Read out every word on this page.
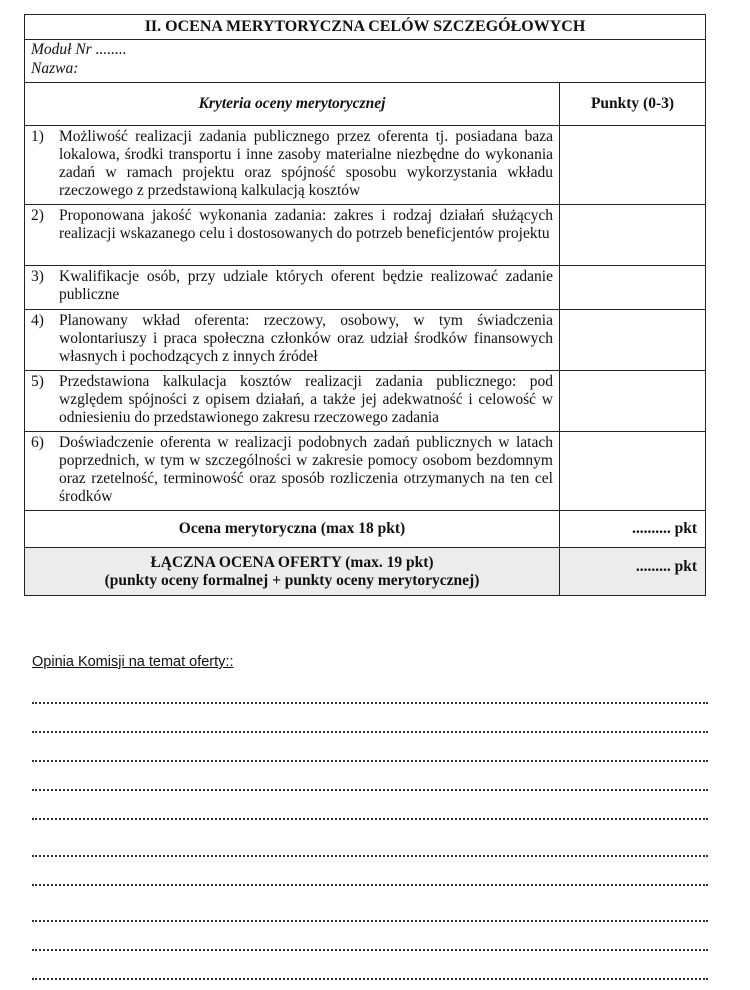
II. OCENA MERYTORYCZNA CELÓW SZCZEGÓŁOWYCH	

Moduł Nr ........
Nazwa:	

Kryteria oceny merytorycznej	Punkty (0-3)

1) Możliwość realizacji zadania publicznego przez oferenta tj. posiadana baza lokalowa, środki transportu i inne zasoby materialne niezbędne do wykonania zadań w ramach projektu oraz spójność sposobu wykorzystania wkładu rzeczowego z przedstawioną kalkulacją kosztów	

2) Proponowana jakość wykonania zadania: zakres i rodzaj działań służących realizacji wskazanego celu i dostosowanych do potrzeb beneficjentów projektu	

3) Kwalifikacje osób, przy udziale których oferent będzie realizować zadanie publiczne	

4) Planowany wkład oferenta: rzeczowy, osobowy, w tym świadczenia wolontariuszy i praca społeczna członków oraz udział środków finansowych własnych i pochodzących z innych źródeł	

5) Przedstawiona kalkulacja kosztów realizacji zadania publicznego: pod względem spójności z opisem działań, a także jej adekwatność i celowość w odniesieniu do przedstawionego zakresu rzeczowego zadania	

6) Doświadczenie oferenta w realizacji podobnych zadań publicznych w latach poprzednich, w tym w szczególności w zakresie pomocy osobom bezdomnym oraz rzetelność, terminowość oraz sposób rozliczenia otrzymanych na ten cel środków	

Ocena merytoryczna (max 18 pkt)	.......... pkt

ŁĄCZNA OCENA OFERTY (max. 19 pkt)
(punkty oceny formalnej + punkty oceny merytorycznej)	......... pkt
Opinia Komisji na temat oferty::
